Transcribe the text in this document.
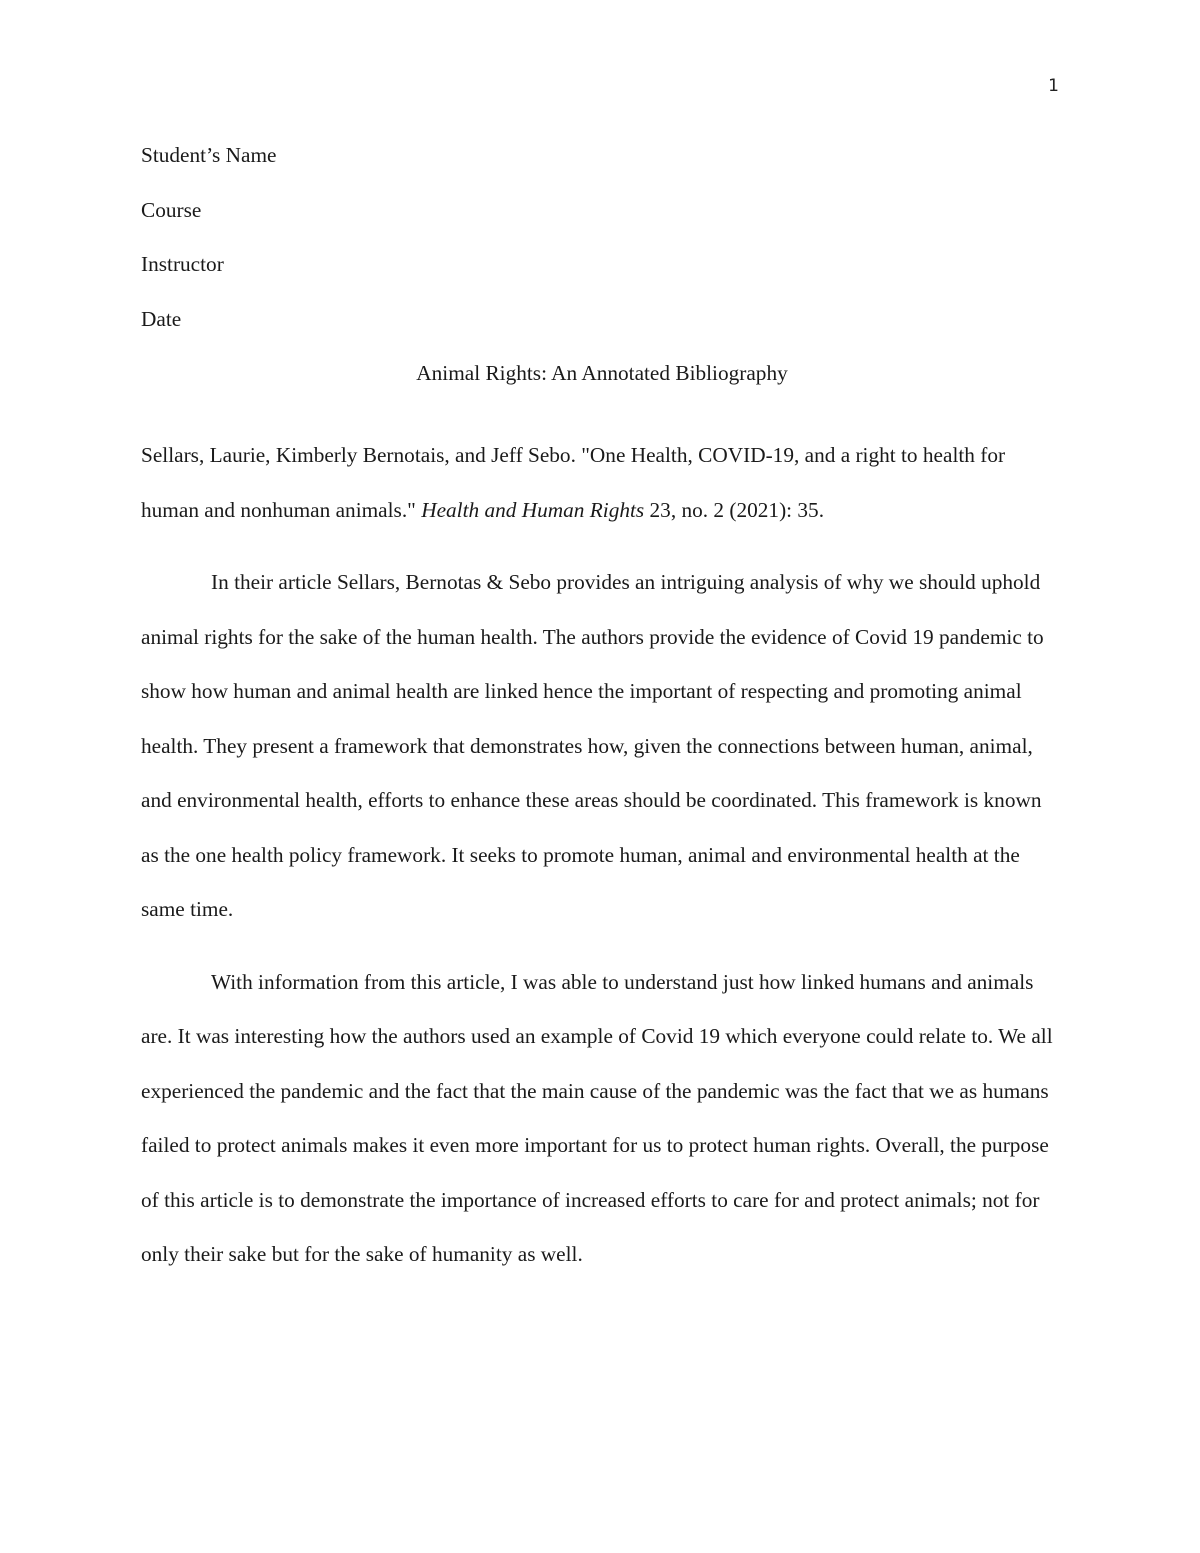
1
Student’s Name
Course
Instructor
Date
Animal Rights: An Annotated Bibliography

Sellars, Laurie, Kimberly Bernotais, and Jeff Sebo. "One Health, COVID-19, and a right to health for human and nonhuman animals." Health and Human Rights 23, no. 2 (2021): 35.

In their article Sellars, Bernotas & Sebo provides an intriguing analysis of why we should uphold animal rights for the sake of the human health. The authors provide the evidence of Covid 19 pandemic to show how human and animal health are linked hence the important of respecting and promoting animal health. They present a framework that demonstrates how, given the connections between human, animal, and environmental health, efforts to enhance these areas should be coordinated. This framework is known as the one health policy framework. It seeks to promote human, animal and environmental health at the same time.

With information from this article, I was able to understand just how linked humans and animals are. It was interesting how the authors used an example of Covid 19 which everyone could relate to. We all experienced the pandemic and the fact that the main cause of the pandemic was the fact that we as humans failed to protect animals makes it even more important for us to protect human rights. Overall, the purpose of this article is to demonstrate the importance of increased efforts to care for and protect animals; not for only their sake but for the sake of humanity as well.
